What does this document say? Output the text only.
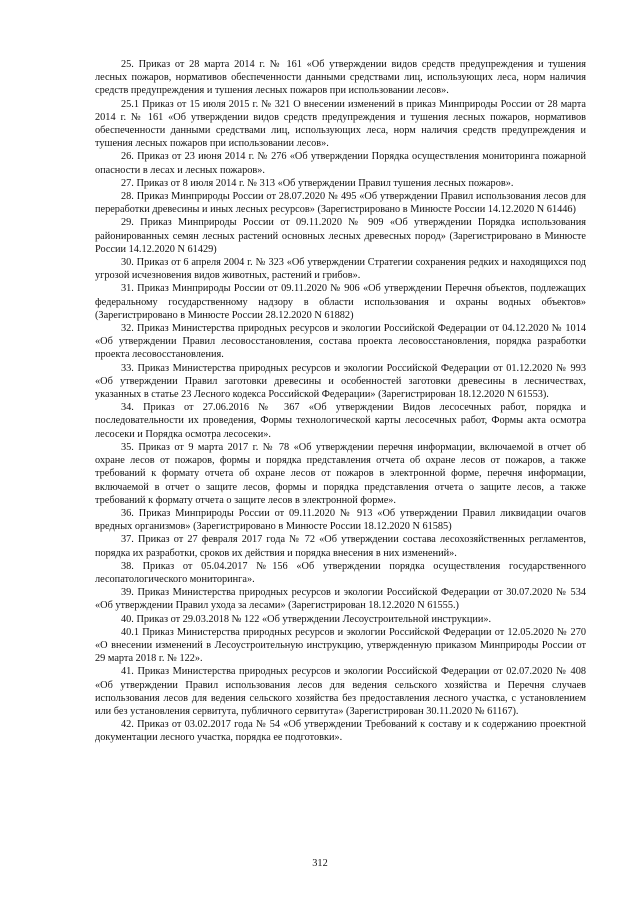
25. Приказ от 28 марта 2014 г. № 161 «Об утверждении видов средств предупреждения и тушения лесных пожаров, нормативов обеспеченности данными средствами лиц, использующих леса, норм наличия средств предупреждения и тушения лесных пожаров при использовании лесов».

25.1 Приказ от 15 июля 2015 г. № 321 О внесении изменений в приказ Минприроды России от 28 марта 2014 г. № 161 «Об утверждении видов средств предупреждения и тушения лесных пожаров, нормативов обеспеченности данными средствами лиц, использующих леса, норм наличия средств предупреждения и тушения лесных пожаров при использовании лесов».

26. Приказ от 23 июня 2014 г. № 276 «Об утверждении Порядка осуществления мониторинга пожарной опасности в лесах и лесных пожаров».

27. Приказ от 8 июля 2014 г. № 313 «Об утверждении Правил тушения лесных пожаров».

28. Приказ Минприроды России от 28.07.2020 № 495 «Об утверждении Правил использования лесов для переработки древесины и иных лесных ресурсов» (Зарегистрировано в Минюсте России 14.12.2020 N 61446)

29. Приказ Минприроды России от 09.11.2020 № 909 «Об утверждении Порядка использования районированных семян лесных растений основных лесных древесных пород» (Зарегистрировано в Минюсте России 14.12.2020 N 61429)

30. Приказ от 6 апреля 2004 г. № 323 «Об утверждении Стратегии сохранения редких и находящихся под угрозой исчезновения видов животных, растений и грибов».

31. Приказ Минприроды России от 09.11.2020 № 906 «Об утверждении Перечня объектов, подлежащих федеральному государственному надзору в области использования и охраны водных объектов» (Зарегистрировано в Минюсте России 28.12.2020 N 61882)

32. Приказ Министерства природных ресурсов и экологии Российской Федерации от 04.12.2020 № 1014 «Об утверждении Правил лесовосстановления, состава проекта лесовосстановления, порядка разработки проекта лесовосстановления.

33. Приказ Министерства природных ресурсов и экологии Российской Федерации от 01.12.2020 № 993 «Об утверждении Правил заготовки древесины и особенностей заготовки древесины в лесничествах, указанных в статье 23 Лесного кодекса Российской Федерации» (Зарегистрирован 18.12.2020 N 61553).

34. Приказ от 27.06.2016 № 367 «Об утверждении Видов лесосечных работ, порядка и последовательности их проведения, Формы технологической карты лесосечных работ, Формы акта осмотра лесосеки и Порядка осмотра лесосеки».

35. Приказ от 9 марта 2017 г. № 78 «Об утверждении перечня информации, включаемой в отчет об охране лесов от пожаров, формы и порядка представления отчета об охране лесов от пожаров, а также требований к формату отчета об охране лесов от пожаров в электронной форме, перечня информации, включаемой в отчет о защите лесов, формы и порядка представления отчета о защите лесов, а также требований к формату отчета о защите лесов в электронной форме».

36. Приказ Минприроды России от 09.11.2020 № 913 «Об утверждении Правил ликвидации очагов вредных организмов» (Зарегистрировано в Минюсте России 18.12.2020 N 61585)

37. Приказ от 27 февраля 2017 года № 72 «Об утверждении состава лесохозяйственных регламентов, порядка их разработки, сроков их действия и порядка внесения в них изменений».

38. Приказ от 05.04.2017 №156 «Об утверждении порядка осуществления государственного лесопатологического мониторинга».

39. Приказ Министерства природных ресурсов и экологии Российской Федерации от 30.07.2020 № 534 «Об утверждении Правил ухода за лесами» (Зарегистрирован 18.12.2020 N 61555.)

40. Приказ от 29.03.2018 № 122 «Об утверждении Лесоустроительной инструкции».

40.1 Приказ Министерства природных ресурсов и экологии Российской Федерации от 12.05.2020 № 270 «О внесении изменений в Лесоустроительную инструкцию, утвержденную приказом Минприроды России от 29 марта 2018 г. № 122».

41. Приказ Министерства природных ресурсов и экологии Российской Федерации от 02.07.2020 № 408 «Об утверждении Правил использования лесов для ведения сельского хозяйства и Перечня случаев использования лесов для ведения сельского хозяйства без предоставления лесного участка, с установлением или без установления сервитута, публичного сервитута» (Зарегистрирован 30.11.2020 № 61167).

42. Приказ от 03.02.2017 года № 54 «Об утверждении Требований к составу и к содержанию проектной документации лесного участка, порядка ее подготовки».

312
